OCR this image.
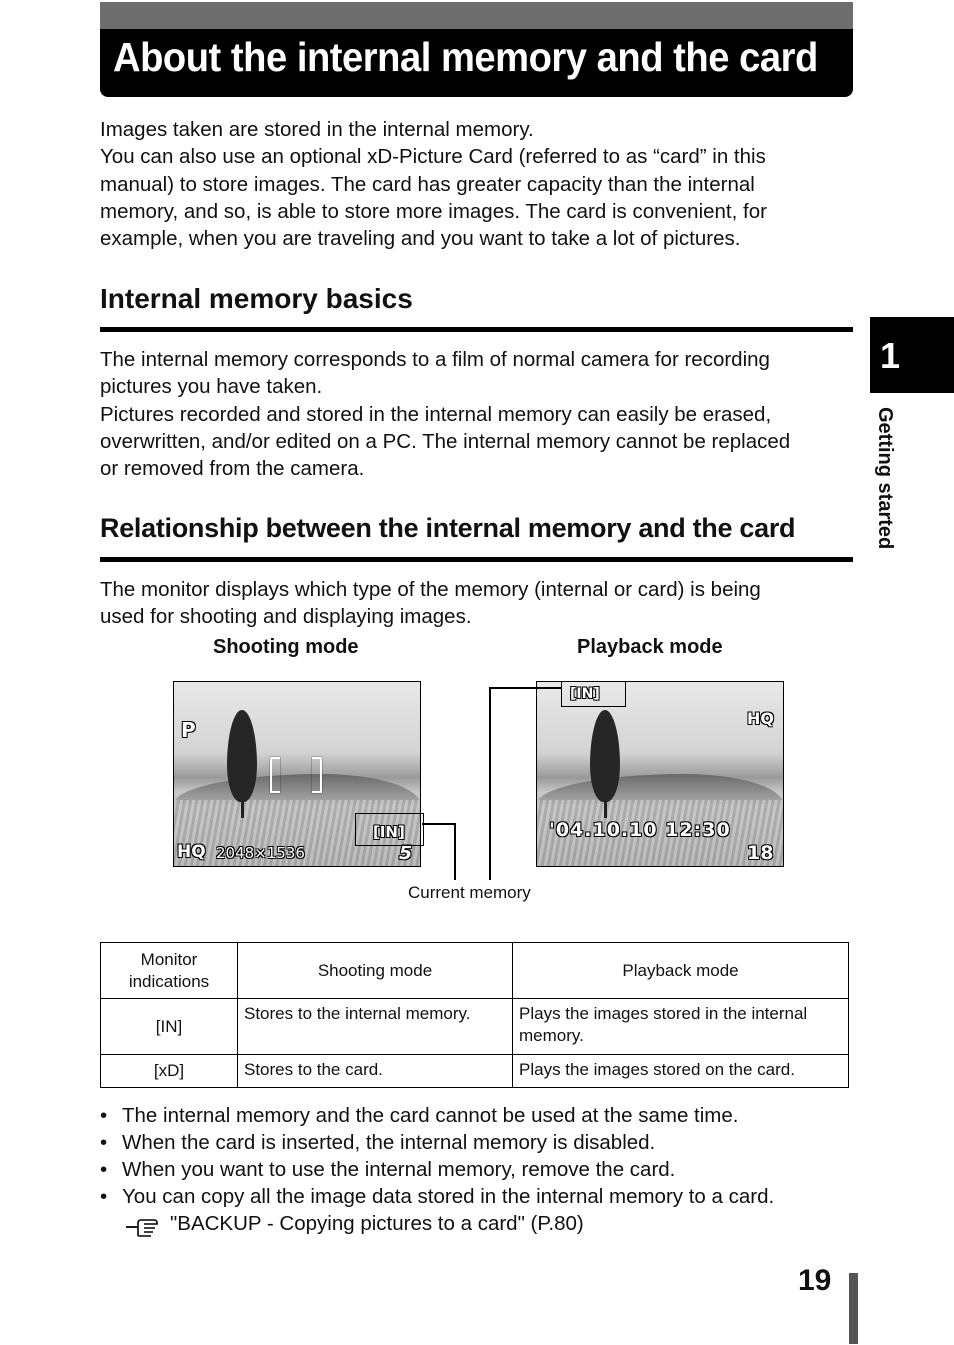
About the internal memory and the card
Images taken are stored in the internal memory.
You can also use an optional xD-Picture Card (referred to as “card” in this
manual) to store images. The card has greater capacity than the internal
memory, and so, is able to store more images. The card is convenient, for
example, when you are traveling and you want to take a lot of pictures.
Internal memory basics
The internal memory corresponds to a film of normal camera for recording
pictures you have taken.
Pictures recorded and stored in the internal memory can easily be erased,
overwritten, and/or edited on a PC. The internal memory cannot be replaced
or removed from the camera.
Relationship between the internal memory and the card
The monitor displays which type of the memory (internal or card) is being
used for shooting and displaying images.
1
Getting started
Shooting mode	Playback mode
P
[IN]
HQ 2048×1536	5
[IN]
HQ
'04.10.10 12:30
18
Current memory
Monitor indications	Shooting mode	Playback mode
[IN]	Stores to the internal memory.	Plays the images stored in the internal memory.
[xD]	Stores to the card.	Plays the images stored on the card.
• The internal memory and the card cannot be used at the same time.
• When the card is inserted, the internal memory is disabled.
• When you want to use the internal memory, remove the card.
• You can copy all the image data stored in the internal memory to a card.
"BACKUP - Copying pictures to a card" (P.80)
19
